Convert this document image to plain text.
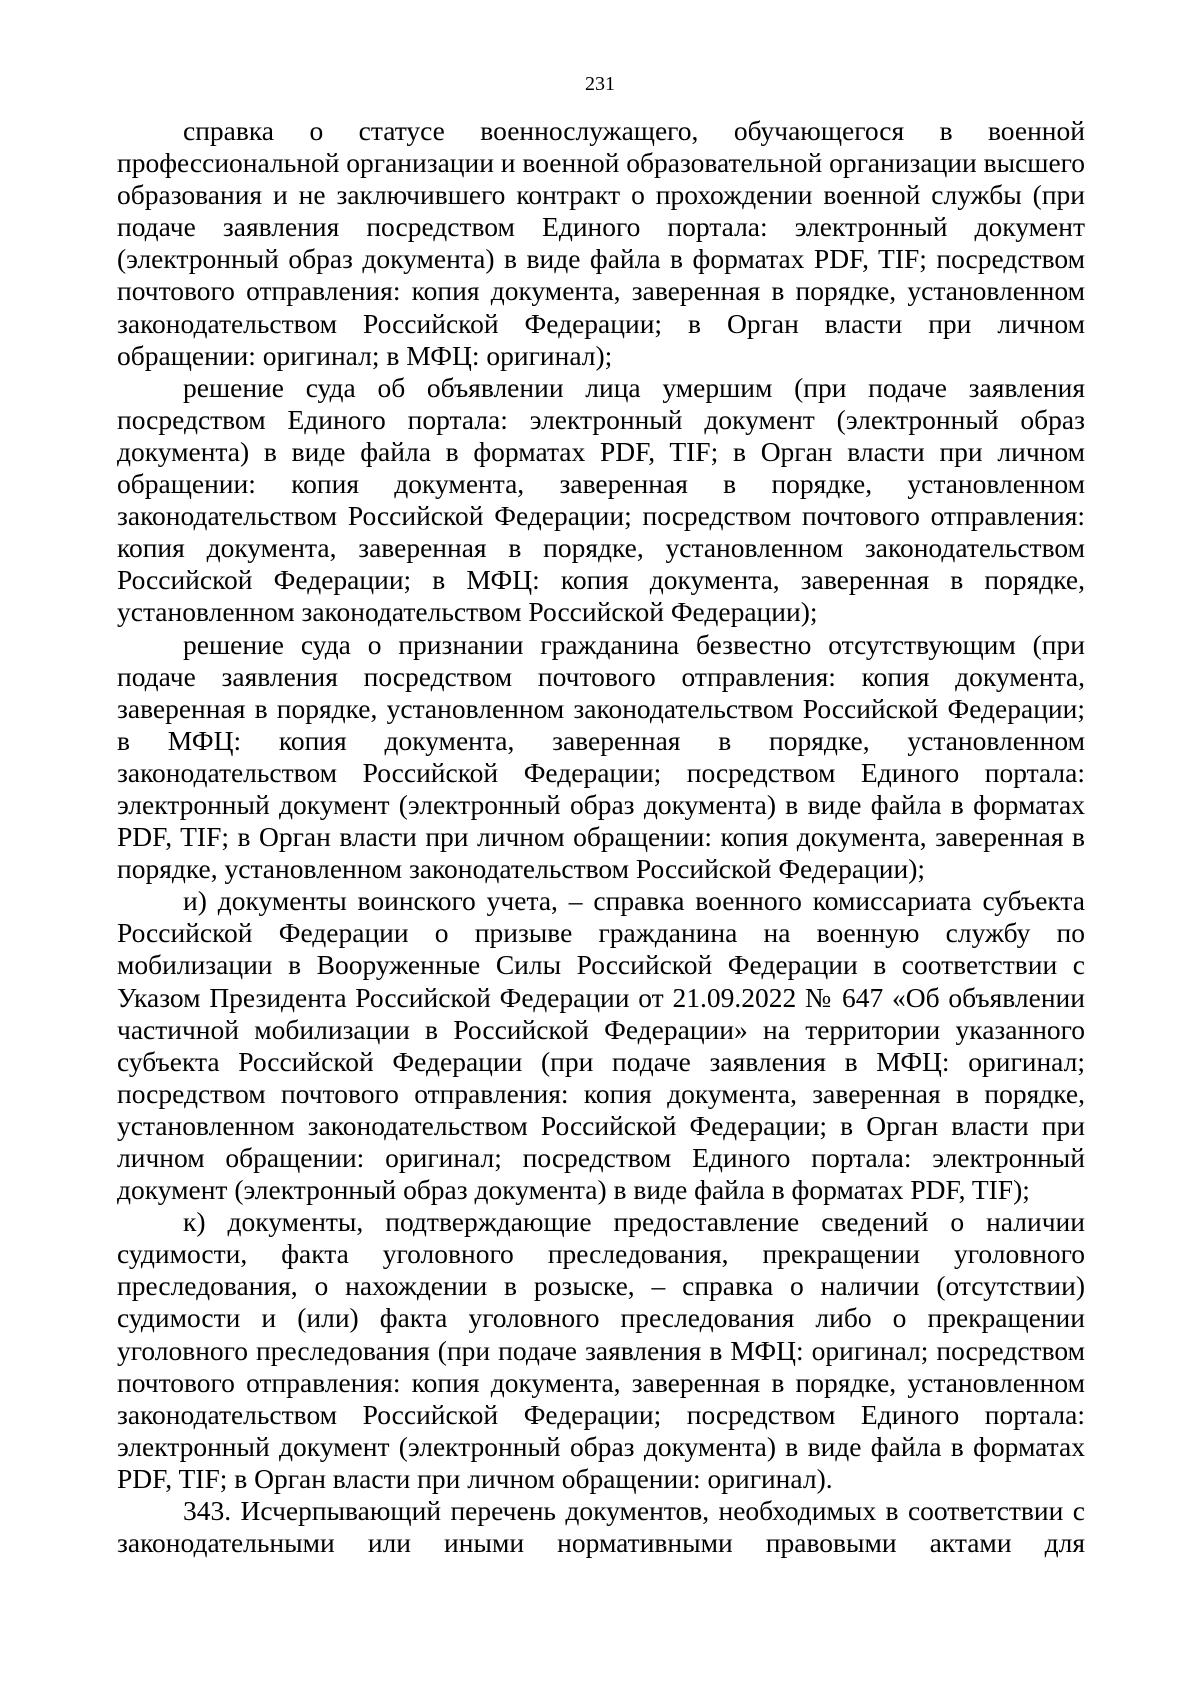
231

справка о статусе военнослужащего, обучающегося в военной профессиональной организации и военной образовательной организации высшего образования и не заключившего контракт о прохождении военной службы (при подаче заявления посредством Единого портала: электронный документ (электронный образ документа) в виде файла в форматах PDF, TIF; посредством почтового отправления: копия документа, заверенная в порядке, установленном законодательством Российской Федерации; в Орган власти при личном обращении: оригинал; в МФЦ: оригинал);

решение суда об объявлении лица умершим (при подаче заявления посредством Единого портала: электронный документ (электронный образ документа) в виде файла в форматах PDF, TIF; в Орган власти при личном обращении: копия документа, заверенная в порядке, установленном законодательством Российской Федерации; посредством почтового отправления: копия документа, заверенная в порядке, установленном законодательством Российской Федерации; в МФЦ: копия документа, заверенная в порядке, установленном законодательством Российской Федерации);

решение суда о признании гражданина безвестно отсутствующим (при подаче заявления посредством почтового отправления: копия документа, заверенная в порядке, установленном законодательством Российской Федерации; в МФЦ: копия документа, заверенная в порядке, установленном законодательством Российской Федерации; посредством Единого портала: электронный документ (электронный образ документа) в виде файла в форматах PDF, TIF; в Орган власти при личном обращении: копия документа, заверенная в порядке, установленном законодательством Российской Федерации);

и) документы воинского учета, – справка военного комиссариата субъекта Российской Федерации о призыве гражданина на военную службу по мобилизации в Вооруженные Силы Российской Федерации в соответствии с Указом Президента Российской Федерации от 21.09.2022 № 647 «Об объявлении частичной мобилизации в Российской Федерации» на территории указанного субъекта Российской Федерации (при подаче заявления в МФЦ: оригинал; посредством почтового отправления: копия документа, заверенная в порядке, установленном законодательством Российской Федерации; в Орган власти при личном обращении: оригинал; посредством Единого портала: электронный документ (электронный образ документа) в виде файла в форматах PDF, TIF);

к) документы, подтверждающие предоставление сведений о наличии судимости, факта уголовного преследования, прекращении уголовного преследования, о нахождении в розыске, – справка о наличии (отсутствии) судимости и (или) факта уголовного преследования либо о прекращении уголовного преследования (при подаче заявления в МФЦ: оригинал; посредством почтового отправления: копия документа, заверенная в порядке, установленном законодательством Российской Федерации; посредством Единого портала: электронный документ (электронный образ документа) в виде файла в форматах PDF, TIF; в Орган власти при личном обращении: оригинал).

343. Исчерпывающий перечень документов, необходимых в соответствии с законодательными или иными нормативными правовыми актами для
